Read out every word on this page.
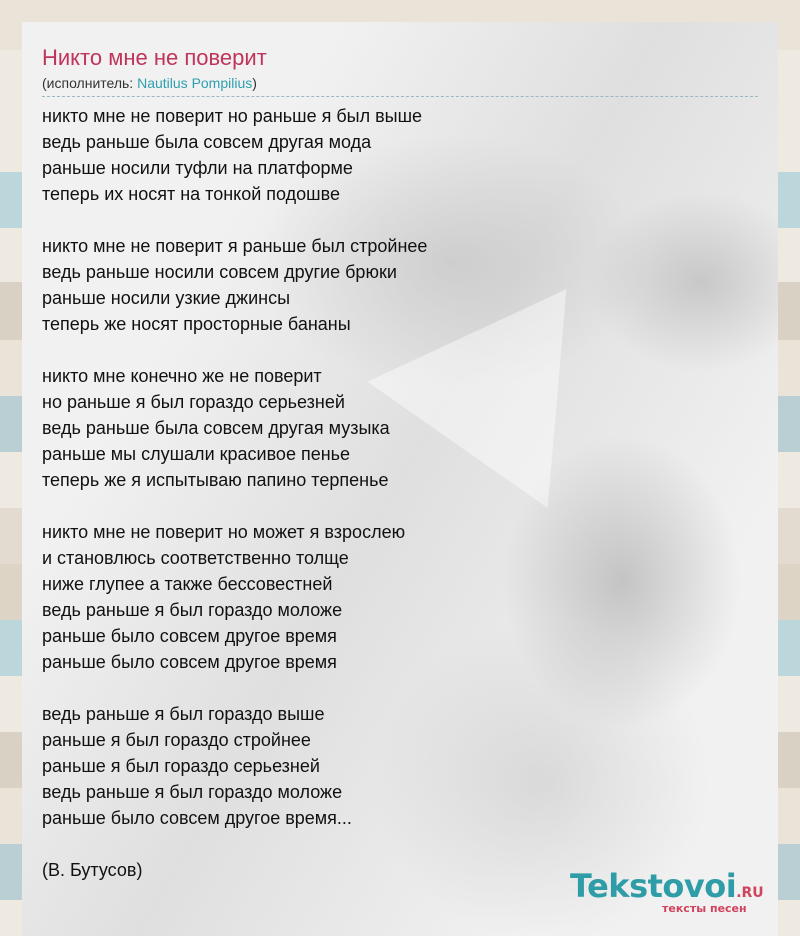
Никто мне не поверит
(исполнитель: Nautilus Pompilius)
никто мне не поверит но раньше я был выше
ведь раньше была совсем другая мода
раньше носили туфли на платформе
теперь их носят на тонкой подошве
никто мне не поверит я раньше был стройнее
ведь раньше носили совсем другие брюки
раньше носили узкие джинсы
теперь же носят просторные бананы
никто мне конечно же не поверит
но раньше я был гораздо серьезней
ведь раньше была совсем другая музыка
раньше мы слушали красивое пенье
теперь же я испытываю папино терпенье
никто мне не поверит но может я взрослею
и становлюсь соответственно толще
ниже глупее а также бессовестней
ведь раньше я был гораздо моложе
раньше было совсем другое время
раньше было совсем другое время
ведь раньше я был гораздо выше
раньше я был гораздо стройнее
раньше я был гораздо серьезней
ведь раньше я был гораздо моложе
раньше было совсем другое время...
(В. Бутусов)	Tekstovoi.RU
тексты песен
